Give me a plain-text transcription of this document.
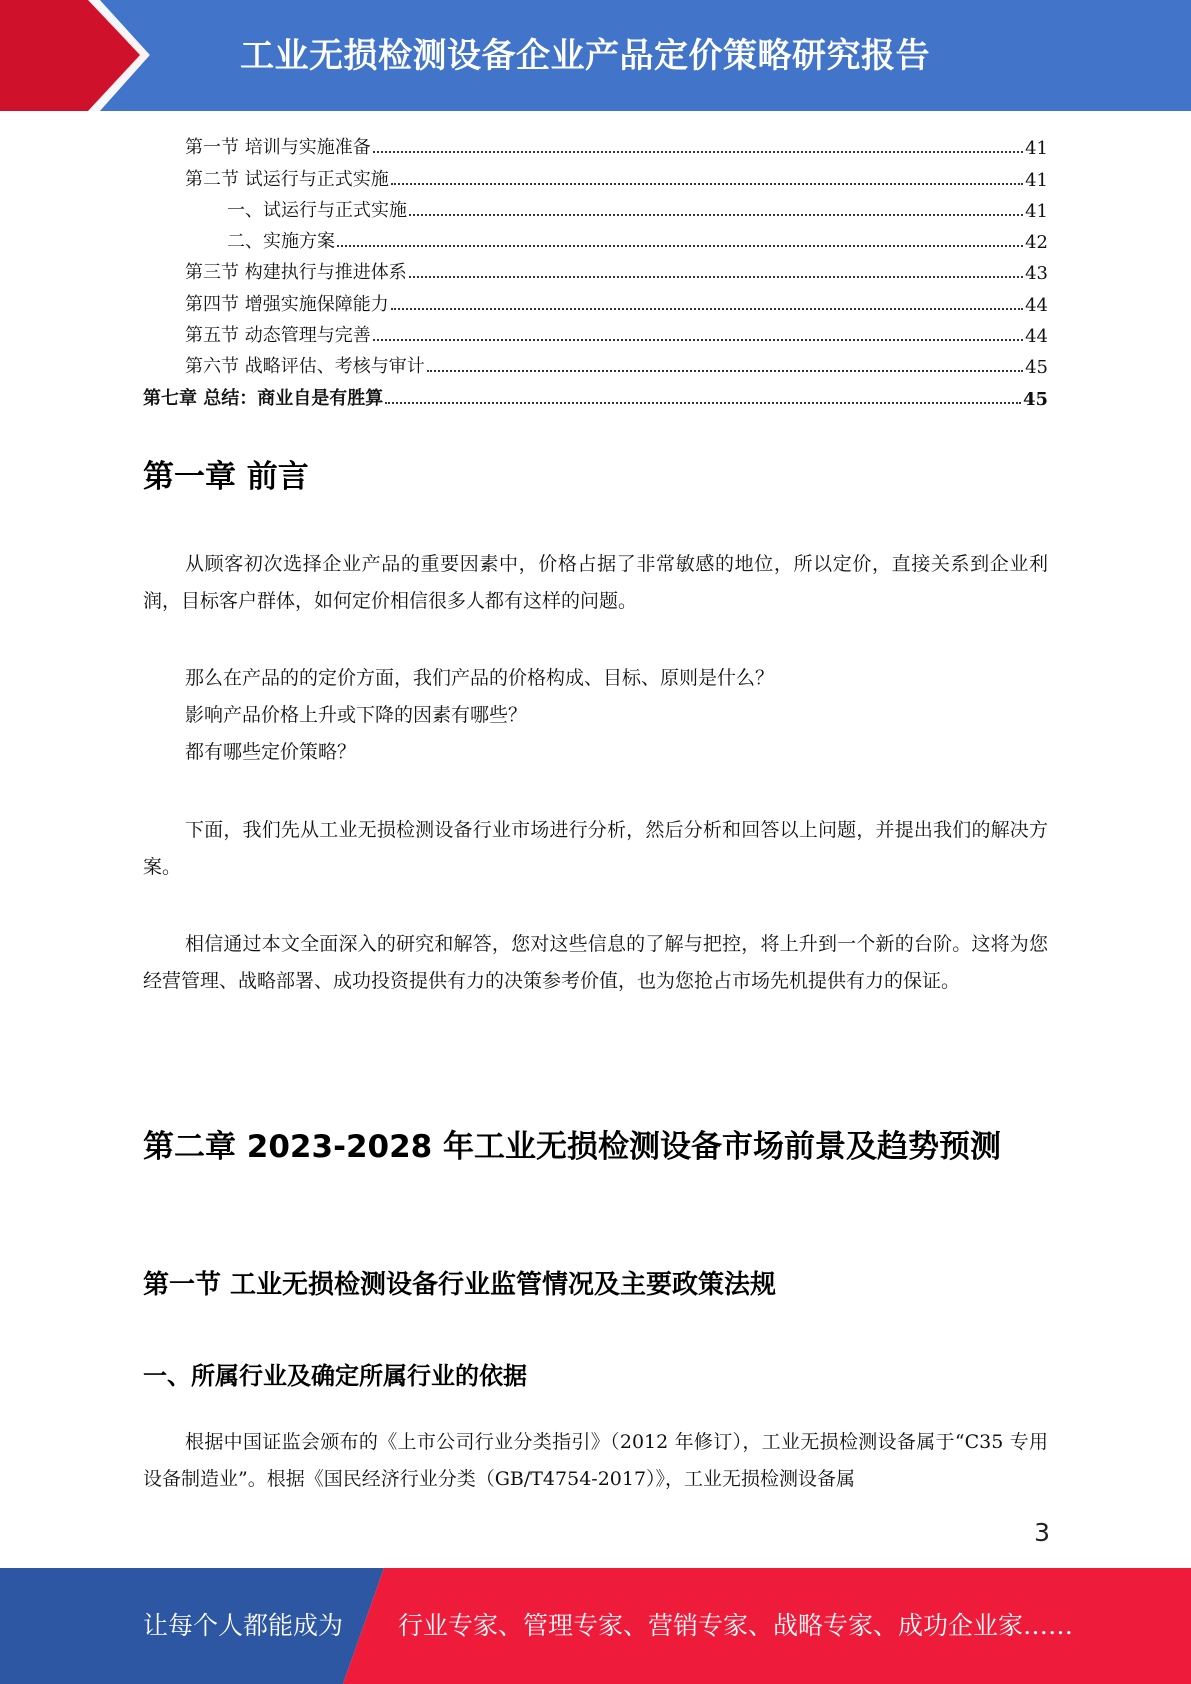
工业无损检测设备企业产品定价策略研究报告
第一节 培训与实施准备	41
第二节 试运行与正式实施	41
一、试运行与正式实施	41
二、实施方案	42
第三节 构建执行与推进体系	43
第四节 增强实施保障能力	44
第五节 动态管理与完善	44
第六节 战略评估、考核与审计	45
第七章 总结：商业自是有胜算	45
第一章 前言

从顾客初次选择企业产品的重要因素中，价格占据了非常敏感的地位，所以定价，直接关系到企业利润，目标客户群体，如何定价相信很多人都有这样的问题。

那么在产品的的定价方面，我们产品的价格构成、目标、原则是什么？
影响产品价格上升或下降的因素有哪些？
都有哪些定价策略？

下面，我们先从工业无损检测设备行业市场进行分析，然后分析和回答以上问题，并提出我们的解决方案。

相信通过本文全面深入的研究和解答，您对这些信息的了解与把控，将上升到一个新的台阶。这将为您经营管理、战略部署、成功投资提供有力的决策参考价值，也为您抢占市场先机提供有力的保证。

第二章 2023-2028 年工业无损检测设备市场前景及趋势预测
第一节 工业无损检测设备行业监管情况及主要政策法规
一、所属行业及确定所属行业的依据

根据中国证监会颁布的《上市公司行业分类指引》（2012 年修订），工业无损检测设备属于“C35 专用设备制造业”。根据《国民经济行业分类（GB/T4754-2017）》，工业无损检测设备属

3
让每个人都能成为 行业专家、管理专家、营销专家、战略专家、成功企业家……
